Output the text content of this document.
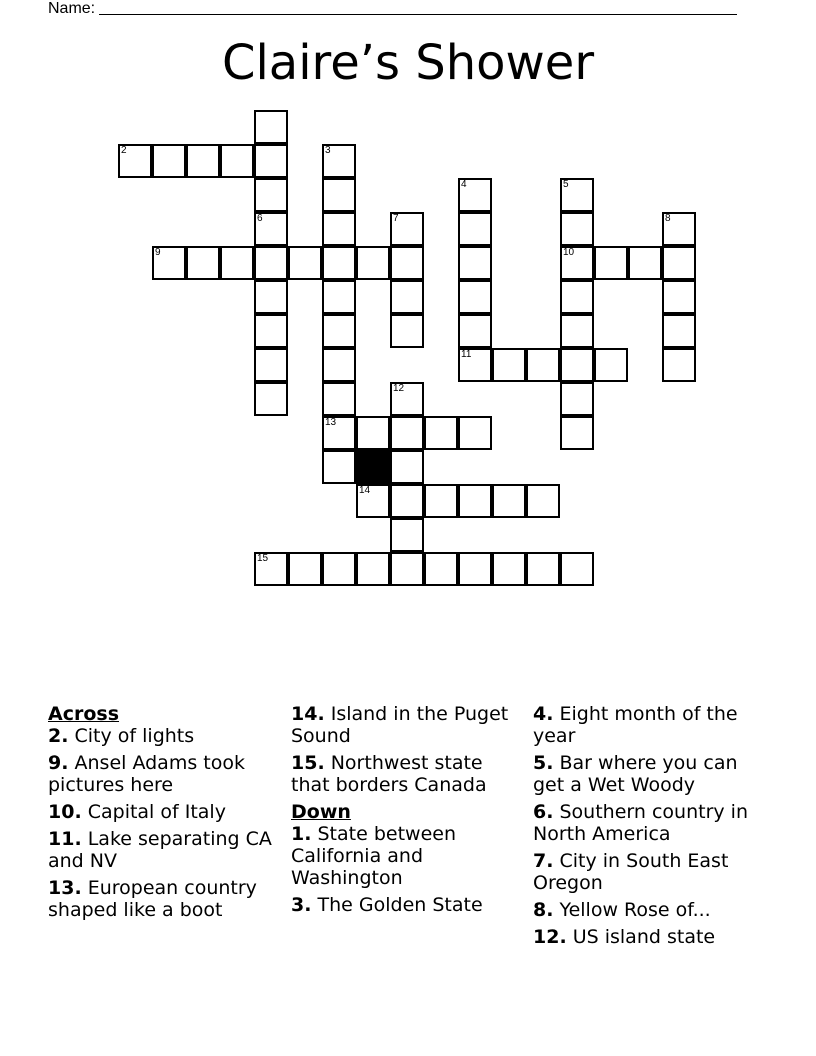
Name:
Claire’s Shower
6
2	3
4
11
5
10
7	8
9
12
13
14
15
Across
2. City of lights
9. Ansel Adams took pictures here
10. Capital of Italy
11. Lake separating CA and NV
13. European country shaped like a boot
14. Island in the Puget Sound
15. Northwest state that borders Canada
Down
1. State between California and Washington
3. The Golden State
4. Eight month of the year
5. Bar where you can get a Wet Woody
6. Southern country in North America
7. City in South East Oregon
8. Yellow Rose of...
12. US island state
